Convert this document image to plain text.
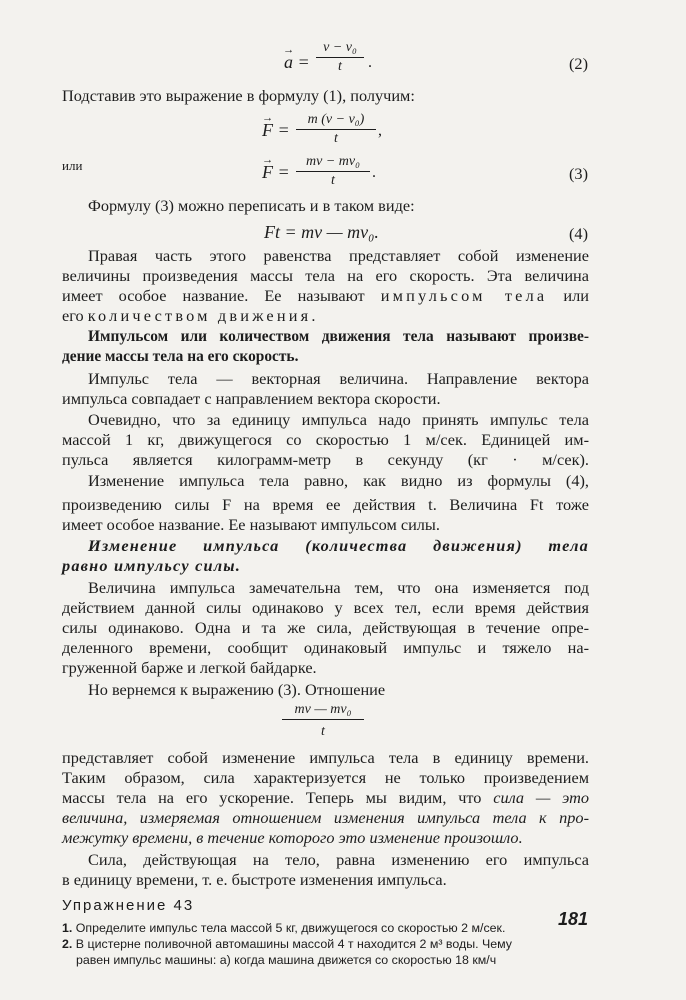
→ a =
v − v₀
t	.	(2)
Подставив это выражение в формулу (1), получим:
→ F =
m (v − v₀)
t	,
или	→ F =
mv − mv₀
t	.	(3)
Формулу (3) можно переписать и в таком виде:
Ft = mv — mv₀.	(4)
Правая часть этого равенства представляет собой изменение
величины произведения массы тела на его скорость. Эта величина
имеет особое название. Ее называют импульсом тела или
его количеством движения.
Импульсом или количеством движения тела называют произве-
дение массы тела на его скорость.
Импульс тела — векторная величина. Направление вектора
импульса совпадает с направлением вектора скорости.
Очевидно, что за единицу импульса надо принять импульс тела
массой 1 кг, движущегося со скоростью 1 м/сек. Единицей им-
пульса является килограмм-метр в секунду (кг · м/сек).
Изменение импульса тела равно, как видно из формулы (4),
произведению силы F на время ее действия t. Величина Ft тоже
имеет особое название. Ее называют импульсом силы.
Изменение импульса (количества движения) тела
равно импульсу силы.
Величина импульса замечательна тем, что она изменяется под
действием данной силы одинаково у всех тел, если время действия
силы одинаково. Одна и та же сила, действующая в течение опре-
деленного времени, сообщит одинаковый импульс и тяжело на-
груженной барже и легкой байдарке.
Но вернемся к выражению (3). Отношение
mv — mv₀
t
представляет собой изменение импульса тела в единицу времени.
Таким образом, сила характеризуется не только произведением
массы тела на его ускорение. Теперь мы видим, что сила — это
величина, измеряемая отношением изменения импульса тела к про-
межутку времени, в течение которого это изменение произошло.
Сила, действующая на тело, равна изменению его импульса
в единицу времени, т. е. быстроте изменения импульса.
Упражнение 43
1. Определите импульс тела массой 5 кг, движущегося со скоростью 2 м/сек.
2. В цистерне поливочной автомашины массой 4 т находится 2 м³ воды. Чему
равен импульс машины: а) когда машина движется со скоростью 18 км/ч
181
